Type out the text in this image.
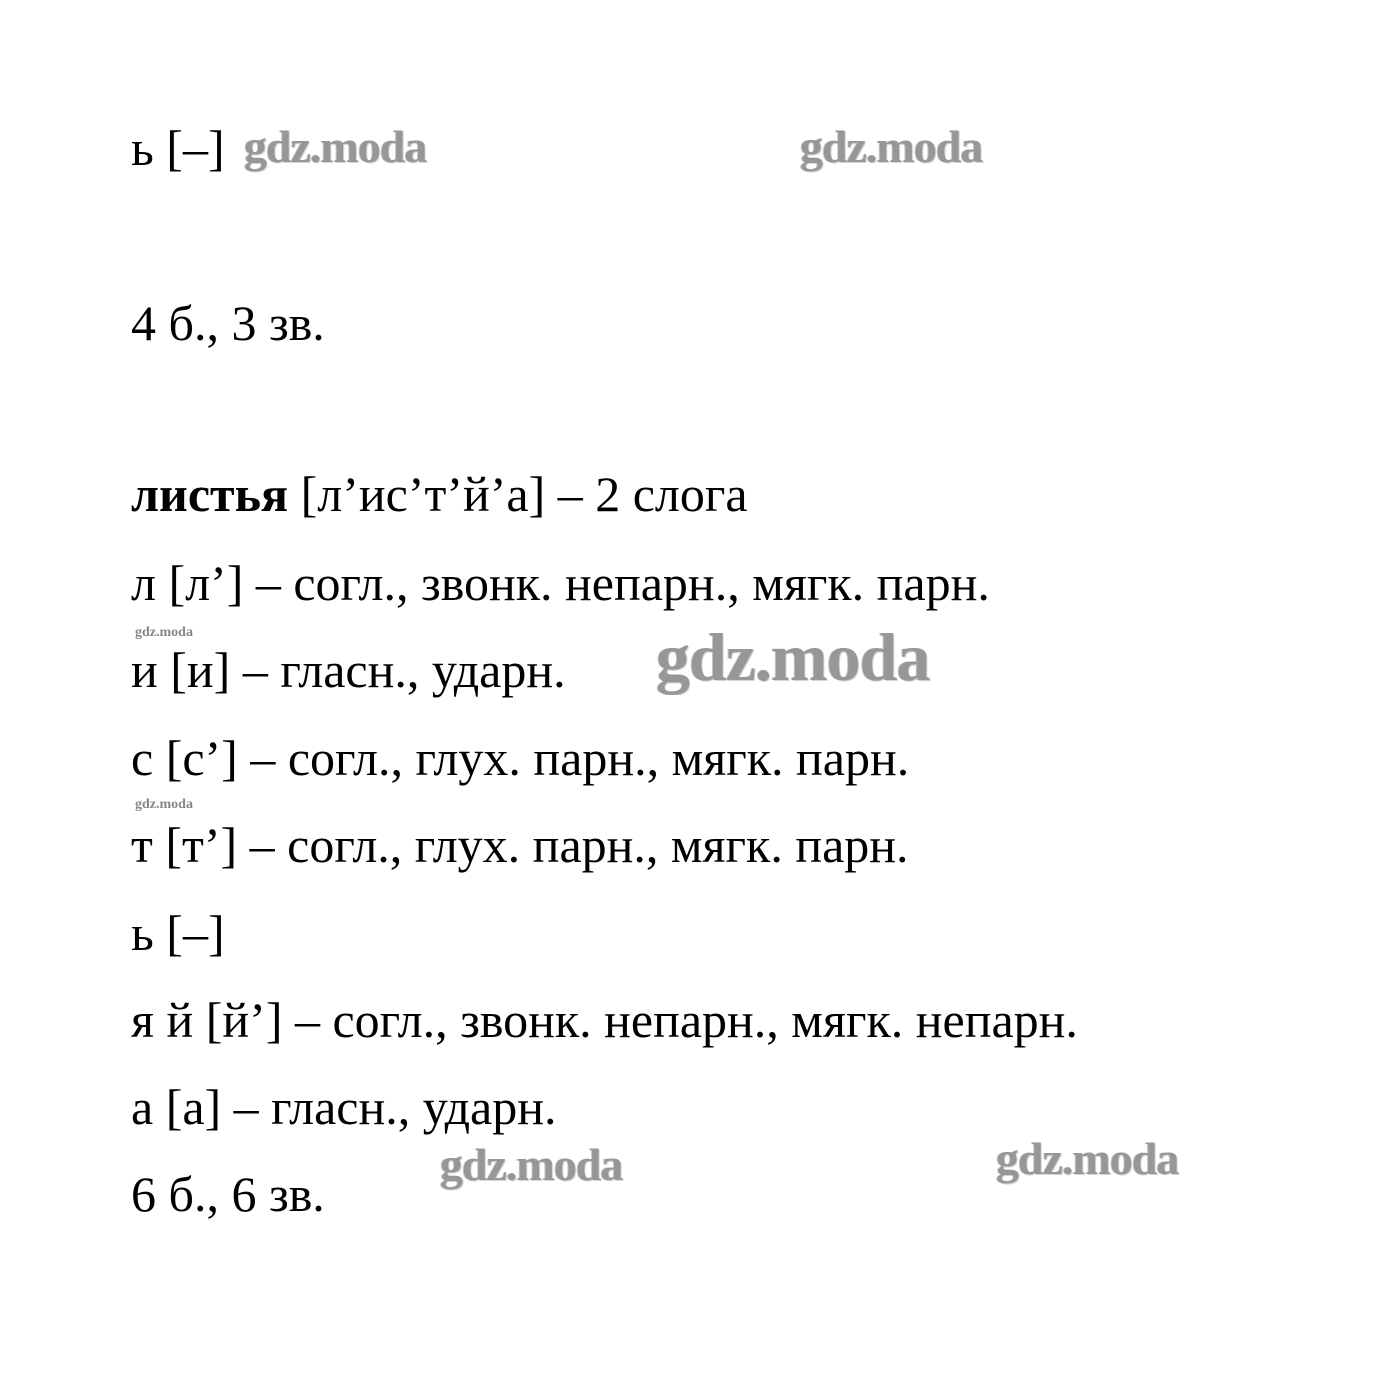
ь [–]
4 б., 3 зв.
листья [л’ис’т’й’а] – 2 слога
л [л’] – согл., звонк. непарн., мягк. парн.
и [и] – гласн., ударн.
с [с’] – согл., глух. парн., мягк. парн.
т [т’] – согл., глух. парн., мягк. парн.
ь [–]
я й [й’] – согл., звонк. непарн., мягк. непарн.
а [а] – гласн., ударн.
6 б., 6 зв.
gdz.moda	gdz.moda
gdz.moda	gdz.moda
gdz.moda
gdz.moda	gdz.moda
